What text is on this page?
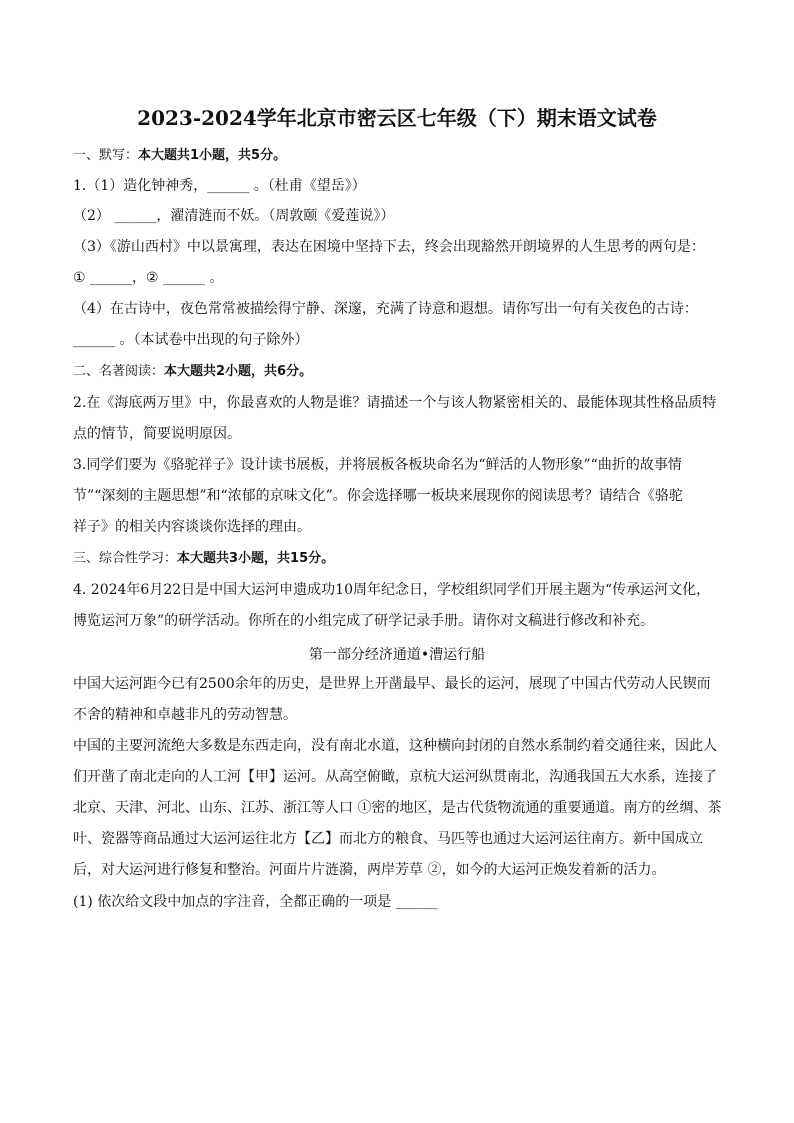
2023-2024学年北京市密云区七年级（下）期末语文试卷
一、默写：本大题共1小题，共5分。
1.（1）造化钟神秀，______ 。（杜甫《望岳》）
（2） ______，濯清涟而不妖。（周敦颐《爱莲说》）
（3）《游山西村》中以景寓理，表达在困境中坚持下去，终会出现豁然开朗境界的人生思考的两句是：
① ______，② ______ 。
（4）在古诗中，夜色常常被描绘得宁静、深邃，充满了诗意和遐想。请你写出一句有关夜色的古诗：
______ 。（本试卷中出现的句子除外）
二、名著阅读：本大题共2小题，共6分。
2.在《海底两万里》中，你最喜欢的人物是谁？请描述一个与该人物紧密相关的、最能体现其性格品质特
点的情节，简要说明原因。
3.同学们要为《骆驼祥子》设计读书展板，并将展板各板块命名为“鲜活的人物形象”“曲折的故事情
节”“深刻的主题思想”和“浓郁的京味文化”。你会选择哪一板块来展现你的阅读思考？请结合《骆驼
祥子》的相关内容谈谈你选择的理由。
三、综合性学习：本大题共3小题，共15分。
4. 2024年6月22日是中国大运河申遗成功10周年纪念日，学校组织同学们开展主题为“传承运河文化，
博览运河万象”的研学活动。你所在的小组完成了研学记录手册。请你对文稿进行修改和补充。
第一部分经济通道•漕运行船
中国大运河距今已有2500余年的历史，是世界上开凿最早、最长的运河，展现了中国古代劳动人民锲而
不舍的精神和卓越非凡的劳动智慧。
中国的主要河流绝大多数是东西走向，没有南北水道，这种横向封闭的自然水系制约着交通往来，因此人
们开凿了南北走向的人工河【甲】运河。从高空俯瞰，京杭大运河纵贯南北，沟通我国五大水系，连接了
北京、天津、河北、山东、江苏、浙江等人口 ①密的地区，是古代货物流通的重要通道。南方的丝绸、茶
叶、瓷器等商品通过大运河运往北方【乙】而北方的粮食、马匹等也通过大运河运往南方。新中国成立
后，对大运河进行修复和整治。河面片片涟漪，两岸芳草 ②，如今的大运河正焕发着新的活力。
(1) 依次给文段中加点的字注音，全都正确的一项是 ______
